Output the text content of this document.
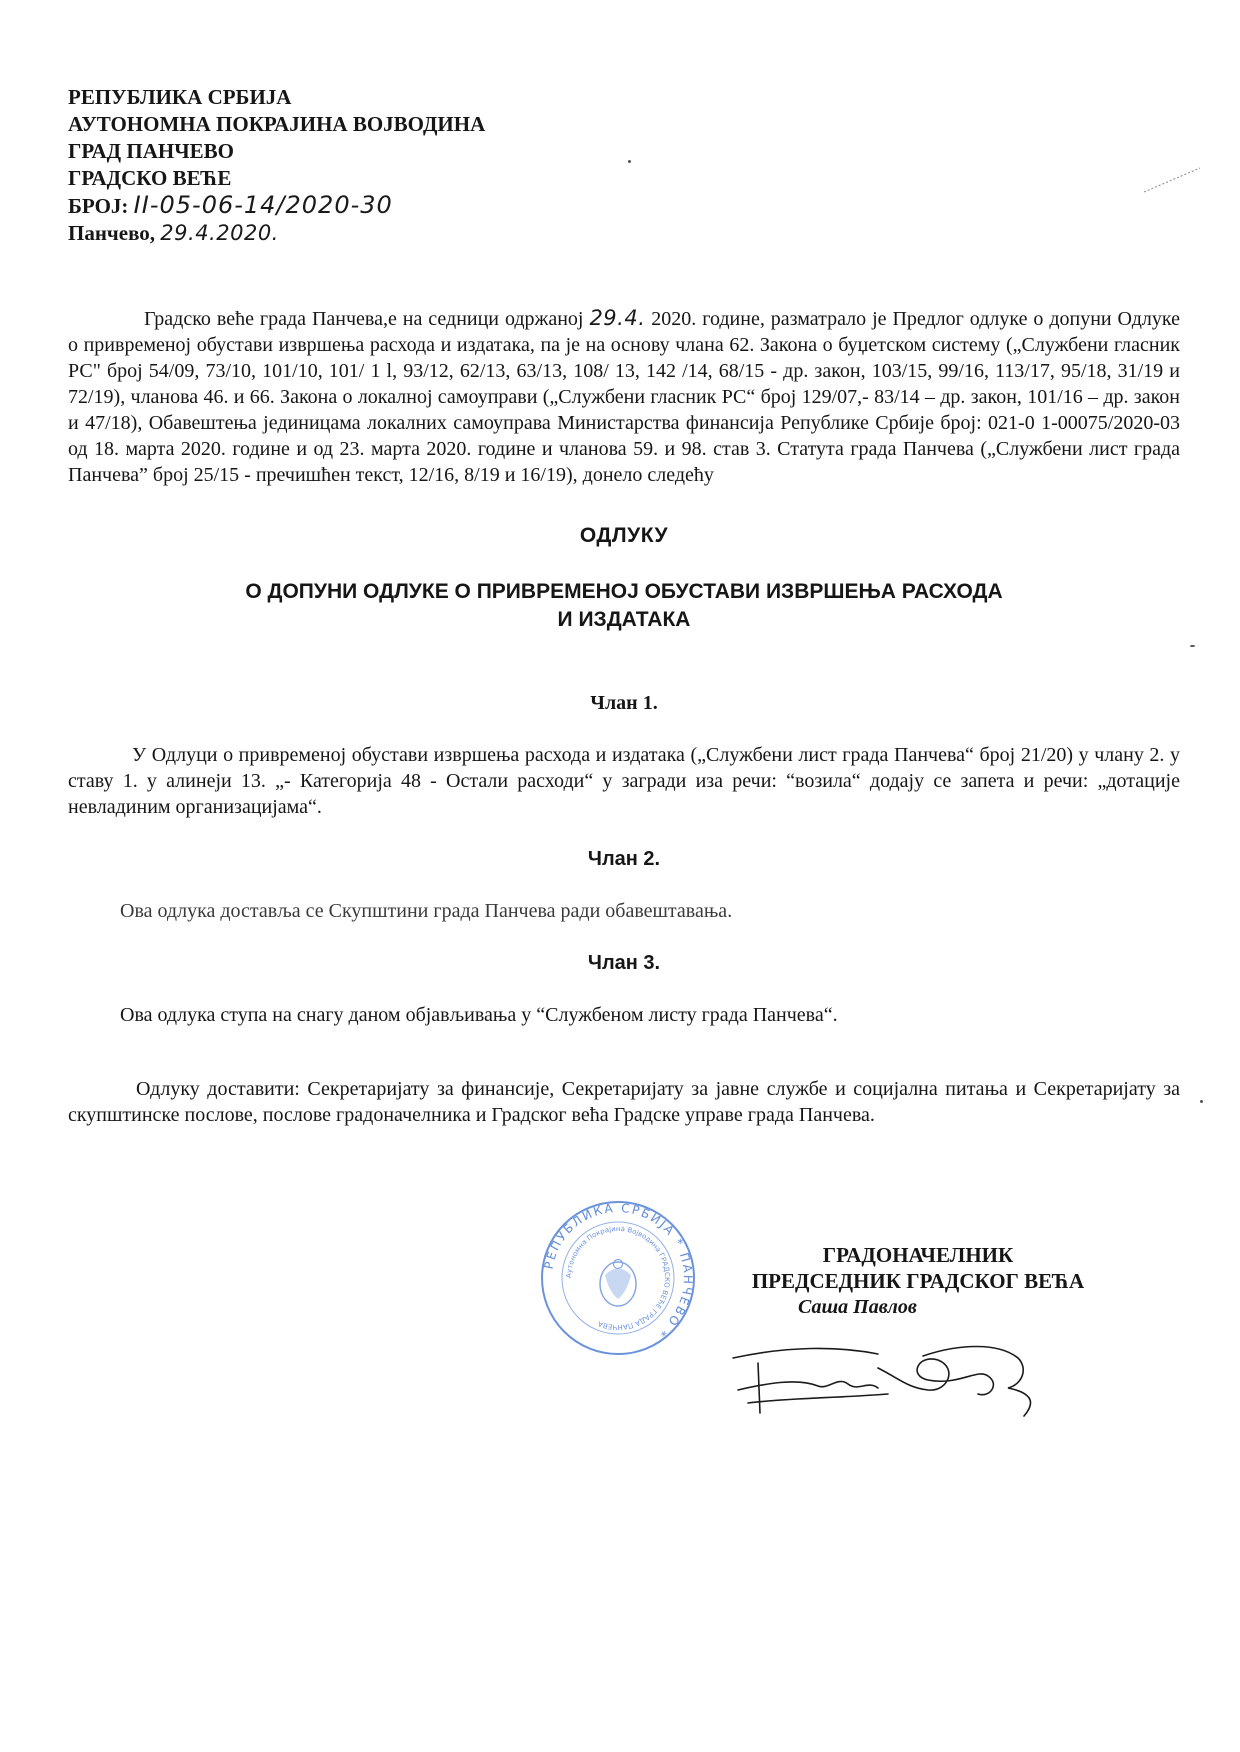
РЕПУБЛИКА СРБИЈА
АУТОНОМНА ПОКРАЈИНА ВОЈВОДИНА
ГРАД ПАНЧЕВО
ГРАДСКО ВЕЋЕ
БРОЈ: II-05-06-14/2020-30
Панчево, 29.4.2020.

Градско веће града Панчева,е на седници одржаној 29.4. 2020. године, разматрало је Предлог одлуке о допуни Одлуке о привременој обустави извршења расхода и издатака, па је на основу члана 62. Закона о буџетском систему („Службени гласник РС" број 54/09, 73/10, 101/10, 101/ 1 l, 93/12, 62/13, 63/13, 108/ 13, 142 /14, 68/15 - др. закон, 103/15, 99/16, 113/17, 95/18, 31/19 и 72/19), чланова 46. и 66. Закона о локалној самоуправи („Службени гласник РС“ број 129/07,- 83/14 – др. закон, 101/16 – др. закон и 47/18), Обавештења јединицама локалних самоуправа Министарства финансија Републике Србије број: 021-0 1-00075/2020-03 од 18. марта 2020. године и од 23. марта 2020. године и чланова 59. и 98. став 3. Статута града Панчева („Службени лист града Панчева” број 25/15 - пречишћен текст, 12/16, 8/19 и 16/19), донело следећу

ОДЛУКУ
О ДОПУНИ ОДЛУКЕ О ПРИВРЕМЕНОЈ ОБУСТАВИ ИЗВРШЕЊА РАСХОДА
И ИЗДАТАКА
Члан 1.

У Одлуци о привременој обустави извршења расхода и издатака („Службени лист града Панчева“ број 21/20) у члану 2. у ставу 1. у алинеји 13. „- Категорија 48 - Остали расходи“ у загради иза речи: “возила“ додају се запета и речи: „дотације невладиним организацијама“.

Члан 2.

Ова одлука доставља се Скупштини града Панчева ради обавештавања.

Члан 3.

Ова одлука ступа на снагу даном објављивања у “Службеном листу града Панчева“.

Одлуку доставити: Секретаријату за финансије, Секретаријату за јавне службе и социјална питања и Секретаријату за скупштинске послове, послове градоначелника и Градског већа Градске управе града Панчева.

РЕПУБЛИКА СРБИЈА * ПАНЧЕВО *
Аутономна Покрајина Војводина ГРАДСКО ВЕЋЕ ГРАДА ПАНЧЕВА
ГРАДОНАЧЕЛНИК
ПРЕДСЕДНИК ГРАДСКОГ ВЕЋА
Саша Павлов
